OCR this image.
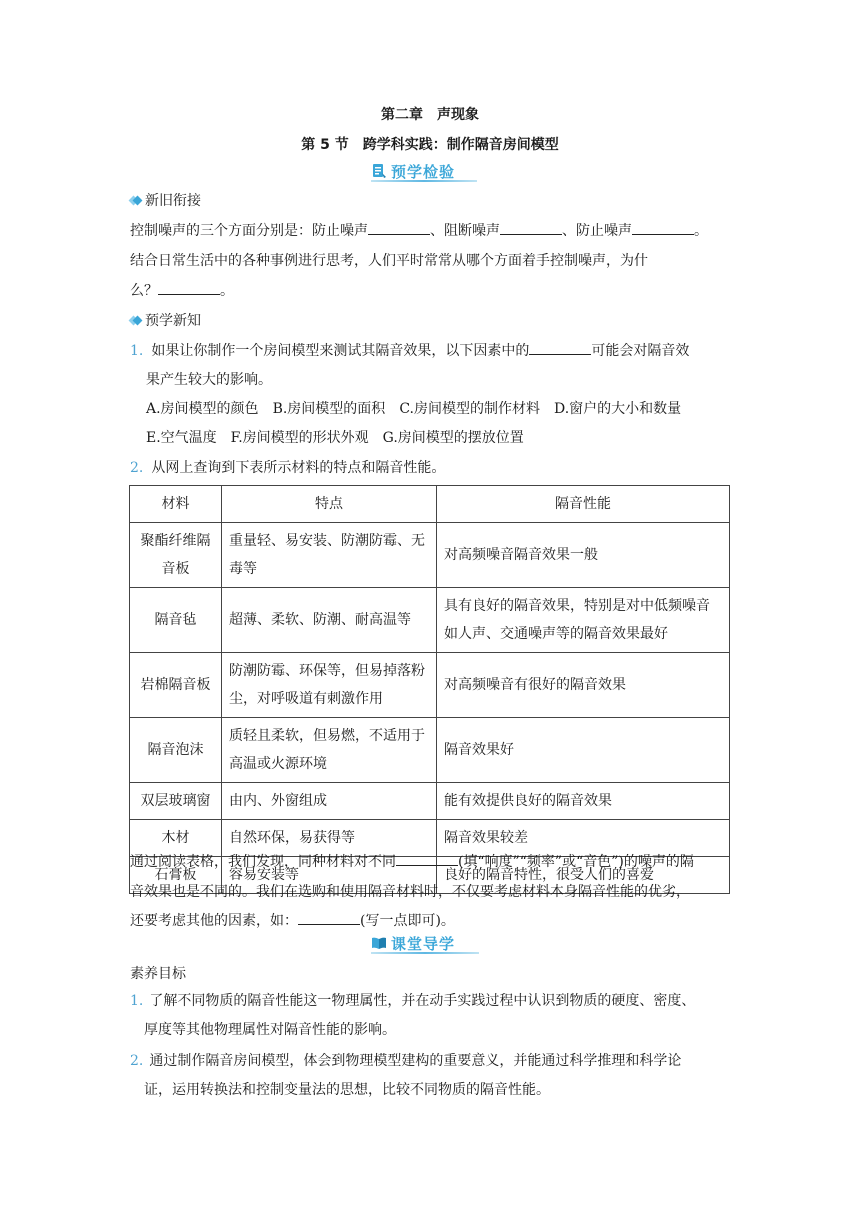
第二章　声现象
第 5 节　跨学科实践：制作隔音房间模型
预学检验
新旧衔接
控制噪声的三个方面分别是：防止噪声	、阻断噪声	、防止噪声	。
结合日常生活中的各种事例进行思考，人们平时常常从哪个方面着手控制噪声，为什
么？	。
预学新知
1. 如果让你制作一个房间模型来测试其隔音效果，以下因素中的	可能会对隔音效
果产生较大的影响。
A.房间模型的颜色 B.房间模型的面积 C.房间模型的制作材料 D.窗户的大小和数量
E.空气温度 F.房间模型的形状外观 G.房间模型的摆放位置
2. 从网上查询到下表所示材料的特点和隔音性能。
材料	特点	隔音性能
聚酯纤维隔音板	重量轻、易安装、防潮防霉、无毒等	对高频噪音隔音效果一般
隔音毡	超薄、柔软、防潮、耐高温等	具有良好的隔音效果，特别是对中低频噪音如人声、交通噪声等的隔音效果最好
岩棉隔音板	防潮防霉、环保等，但易掉落粉尘，对呼吸道有刺激作用	对高频噪音有很好的隔音效果
隔音泡沫	质轻且柔软，但易燃，不适用于高温或火源环境	隔音效果好
双层玻璃窗	由内、外窗组成	能有效提供良好的隔音效果
木材	自然环保，易获得等	隔音效果较差
石膏板	容易安装等	良好的隔音特性，很受人们的喜爱
通过阅读表格，我们发现，同种材料对不同	(填“响度”“频率”或“音色”)的噪声的隔
音效果也是不同的。我们在选购和使用隔音材料时，不仅要考虑材料本身隔音性能的优劣，
还要考虑其他的因素，如：	(写一点即可)。
课堂导学
素养目标
1. 了解不同物质的隔音性能这一物理属性，并在动手实践过程中认识到物质的硬度、密度、
厚度等其他物理属性对隔音性能的影响。
2. 通过制作隔音房间模型，体会到物理模型建构的重要意义，并能通过科学推理和科学论
证，运用转换法和控制变量法的思想，比较不同物质的隔音性能。
